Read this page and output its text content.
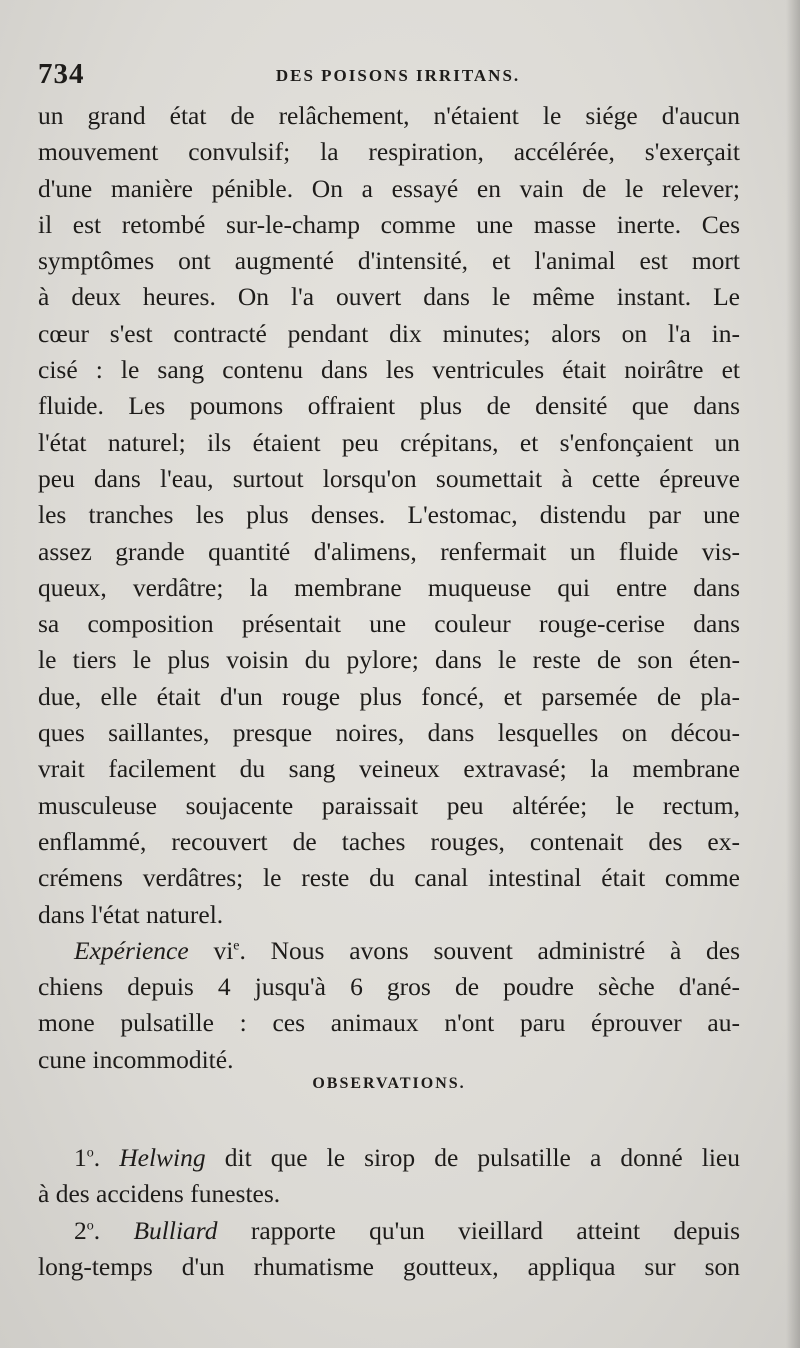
734	DES POISONS IRRITANS.
un grand état de relâchement, n'étaient le siége d'aucun
mouvement convulsif; la respiration, accélérée, s'exerçait
d'une manière pénible. On a essayé en vain de le relever;
il est retombé sur-le-champ comme une masse inerte. Ces
symptômes ont augmenté d'intensité, et l'animal est mort
à deux heures. On l'a ouvert dans le même instant. Le
cœur s'est contracté pendant dix minutes; alors on l'a in-
cisé : le sang contenu dans les ventricules était noirâtre et
fluide. Les poumons offraient plus de densité que dans
l'état naturel; ils étaient peu crépitans, et s'enfonçaient un
peu dans l'eau, surtout lorsqu'on soumettait à cette épreuve
les tranches les plus denses. L'estomac, distendu par une
assez grande quantité d'alimens, renfermait un fluide vis-
queux, verdâtre; la membrane muqueuse qui entre dans
sa composition présentait une couleur rouge-cerise dans
le tiers le plus voisin du pylore; dans le reste de son éten-
due, elle était d'un rouge plus foncé, et parsemée de pla-
ques saillantes, presque noires, dans lesquelles on décou-
vrait facilement du sang veineux extravasé; la membrane
musculeuse soujacente paraissait peu altérée; le rectum,
enflammé, recouvert de taches rouges, contenait des ex-
crémens verdâtres; le reste du canal intestinal était comme
dans l'état naturel.
Expérience $vi^e$. Nous avons souvent administré à des
chiens depuis 4 jusqu'à 6 gros de poudre sèche d'ané-
mone pulsatille : ces animaux n'ont paru éprouver au-
cune incommodité.
OBSERVATIONS.
1$^o$. Helwing dit que le sirop de pulsatille a donné lieu
à des accidens funestes.
2$^o$. Bulliard rapporte qu'un vieillard atteint depuis
long-temps d'un rhumatisme goutteux, appliqua sur son
